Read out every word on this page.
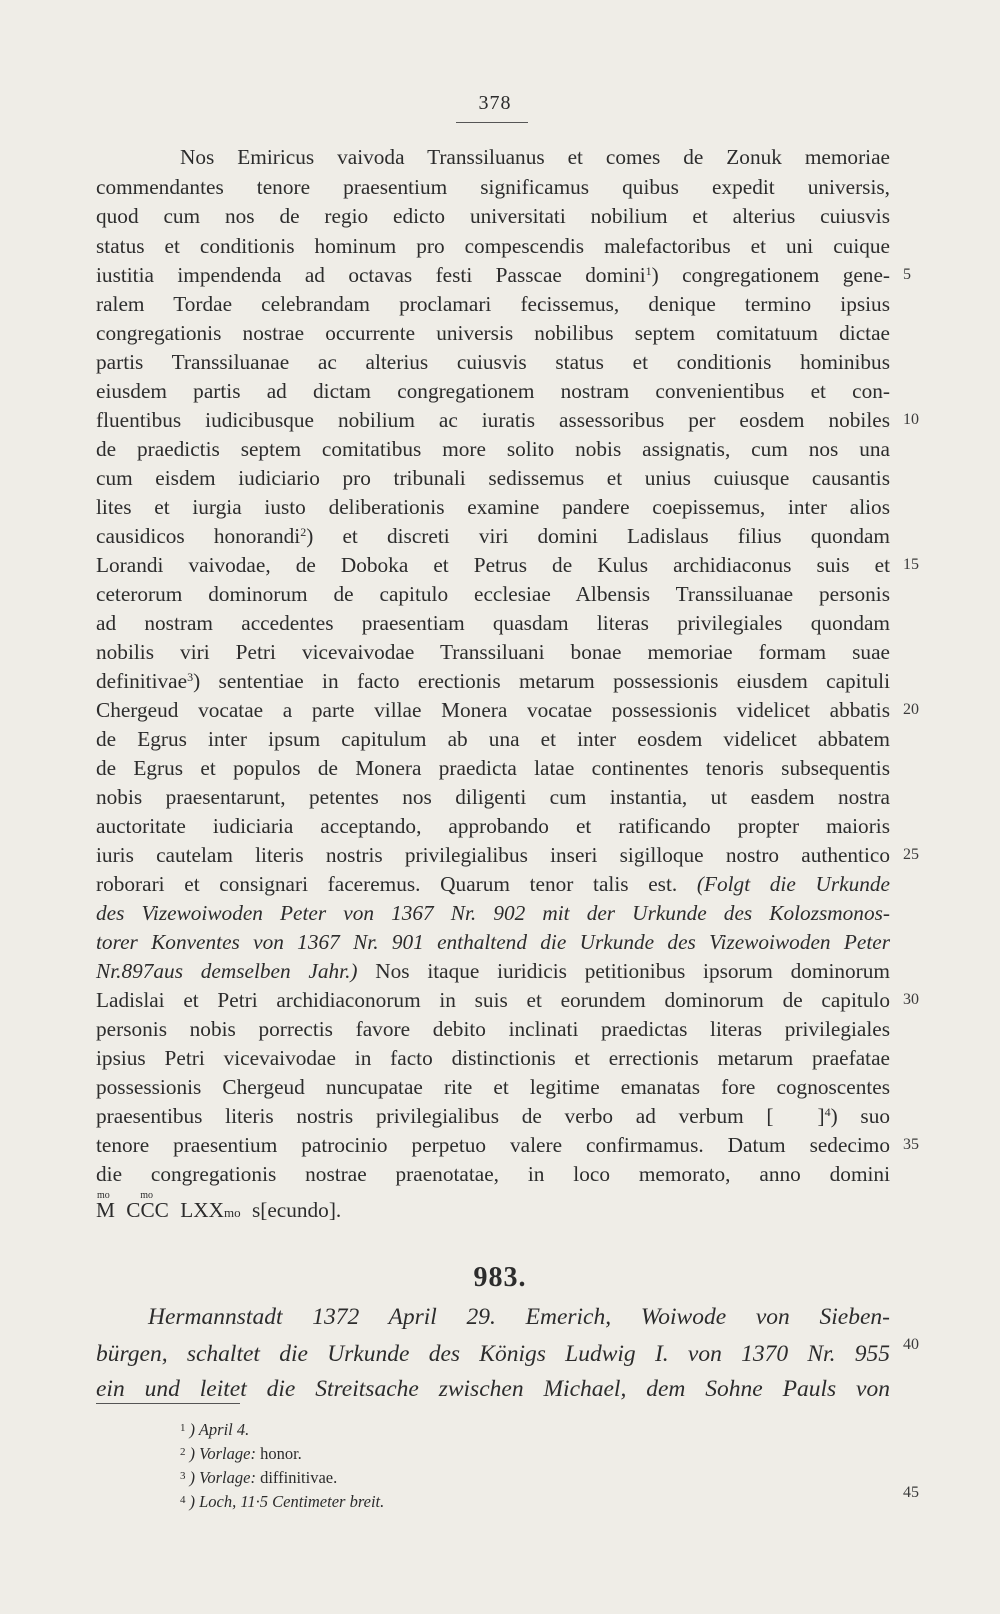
378
Nos Emiricus vaivoda Transsiluanus et comes de Zonuk memoriae
commendantes tenore praesentium significamus quibus expedit universis,
quod cum nos de regio edicto universitati nobilium et alterius cuiusvis
status et conditionis hominum pro compescendis malefactoribus et uni cuique
iustitia impendenda ad octavas festi Passcae domini$^1$) congregationem gene-
ralem Tordae celebrandam proclamari fecissemus, denique termino ipsius
congregationis nostrae occurrente universis nobilibus septem comitatuum dictae
partis Transsiluanae ac alterius cuiusvis status et conditionis hominibus
eiusdem partis ad dictam congregationem nostram convenientibus et con-
fluentibus iudicibusque nobilium ac iuratis assessoribus per eosdem nobiles
de praedictis septem comitatibus more solito nobis assignatis, cum nos una
cum eisdem iudiciario pro tribunali sedissemus et unius cuiusque causantis
lites et iurgia iusto deliberationis examine pandere coepissemus, inter alios
causidicos honorandi$^2$) et discreti viri domini Ladislaus filius quondam
Lorandi vaivodae, de Doboka et Petrus de Kulus archidiaconus suis et
ceterorum dominorum de capitulo ecclesiae Albensis Transsiluanae personis
ad nostram accedentes praesentiam quasdam literas privilegiales quondam
nobilis viri Petri vicevaivodae Transsiluani bonae memoriae formam suae
definitivae$^3$) sententiae in facto erectionis metarum possessionis eiusdem capituli
Chergeud vocatae a parte villae Monera vocatae possessionis videlicet abbatis
de Egrus inter ipsum capitulum ab una et inter eosdem videlicet abbatem
de Egrus et populos de Monera praedicta latae continentes tenoris subsequentis
nobis praesentarunt, petentes nos diligenti cum instantia, ut easdem nostra
auctoritate iudiciaria acceptando, approbando et ratificando propter maioris
iuris cautelam literis nostris privilegialibus inseri sigilloque nostro authentico
roborari et consignari faceremus. Quarum tenor talis est. (Folgt die Urkunde
des Vizewoiwoden Peter von 1367 Nr. 902 mit der Urkunde des Kolozsmonos-
torer Konventes von 1367 Nr. 901 enthaltend die Urkunde des Vizewoiwoden Peter
Nr.897aus demselben Jahr.) Nos itaque iuridicis petitionibus ipsorum dominorum
Ladislai et Petri archidiaconorum in suis et eorundem dominorum de capitulo
personis nobis porrectis favore debito inclinati praedictas literas privilegiales
ipsius Petri vicevaivodae in facto distinctionis et errectionis metarum praefatae
possessionis Chergeud nuncupatae rite et legitime emanatas fore cognoscentes
praesentibus literis nostris privilegialibus de verbo ad verbum [ ]$^4$) suo
tenore praesentium patrocinio perpetuo valere confirmamus. Datum sedecimo
die congregationis nostrae praenotatae, in loco memorato, anno domini
M
mo
CCC
mo
LXXmo s[ecundo].
5
10
15
20
25
30
35
40
45
983.
Hermannstadt 1372 April 29. Emerich, Woiwode von Sieben-
bürgen, schaltet die Urkunde des Königs Ludwig I. von 1370 Nr. 955
ein und leitet die Streitsache zwischen Michael, dem Sohne Pauls von
$^1$ ) April 4.
$^2$ ) Vorlage: honor.
$^3$ ) Vorlage: diffinitivae.
$^4$ ) Loch, 11·5 Centimeter breit.
